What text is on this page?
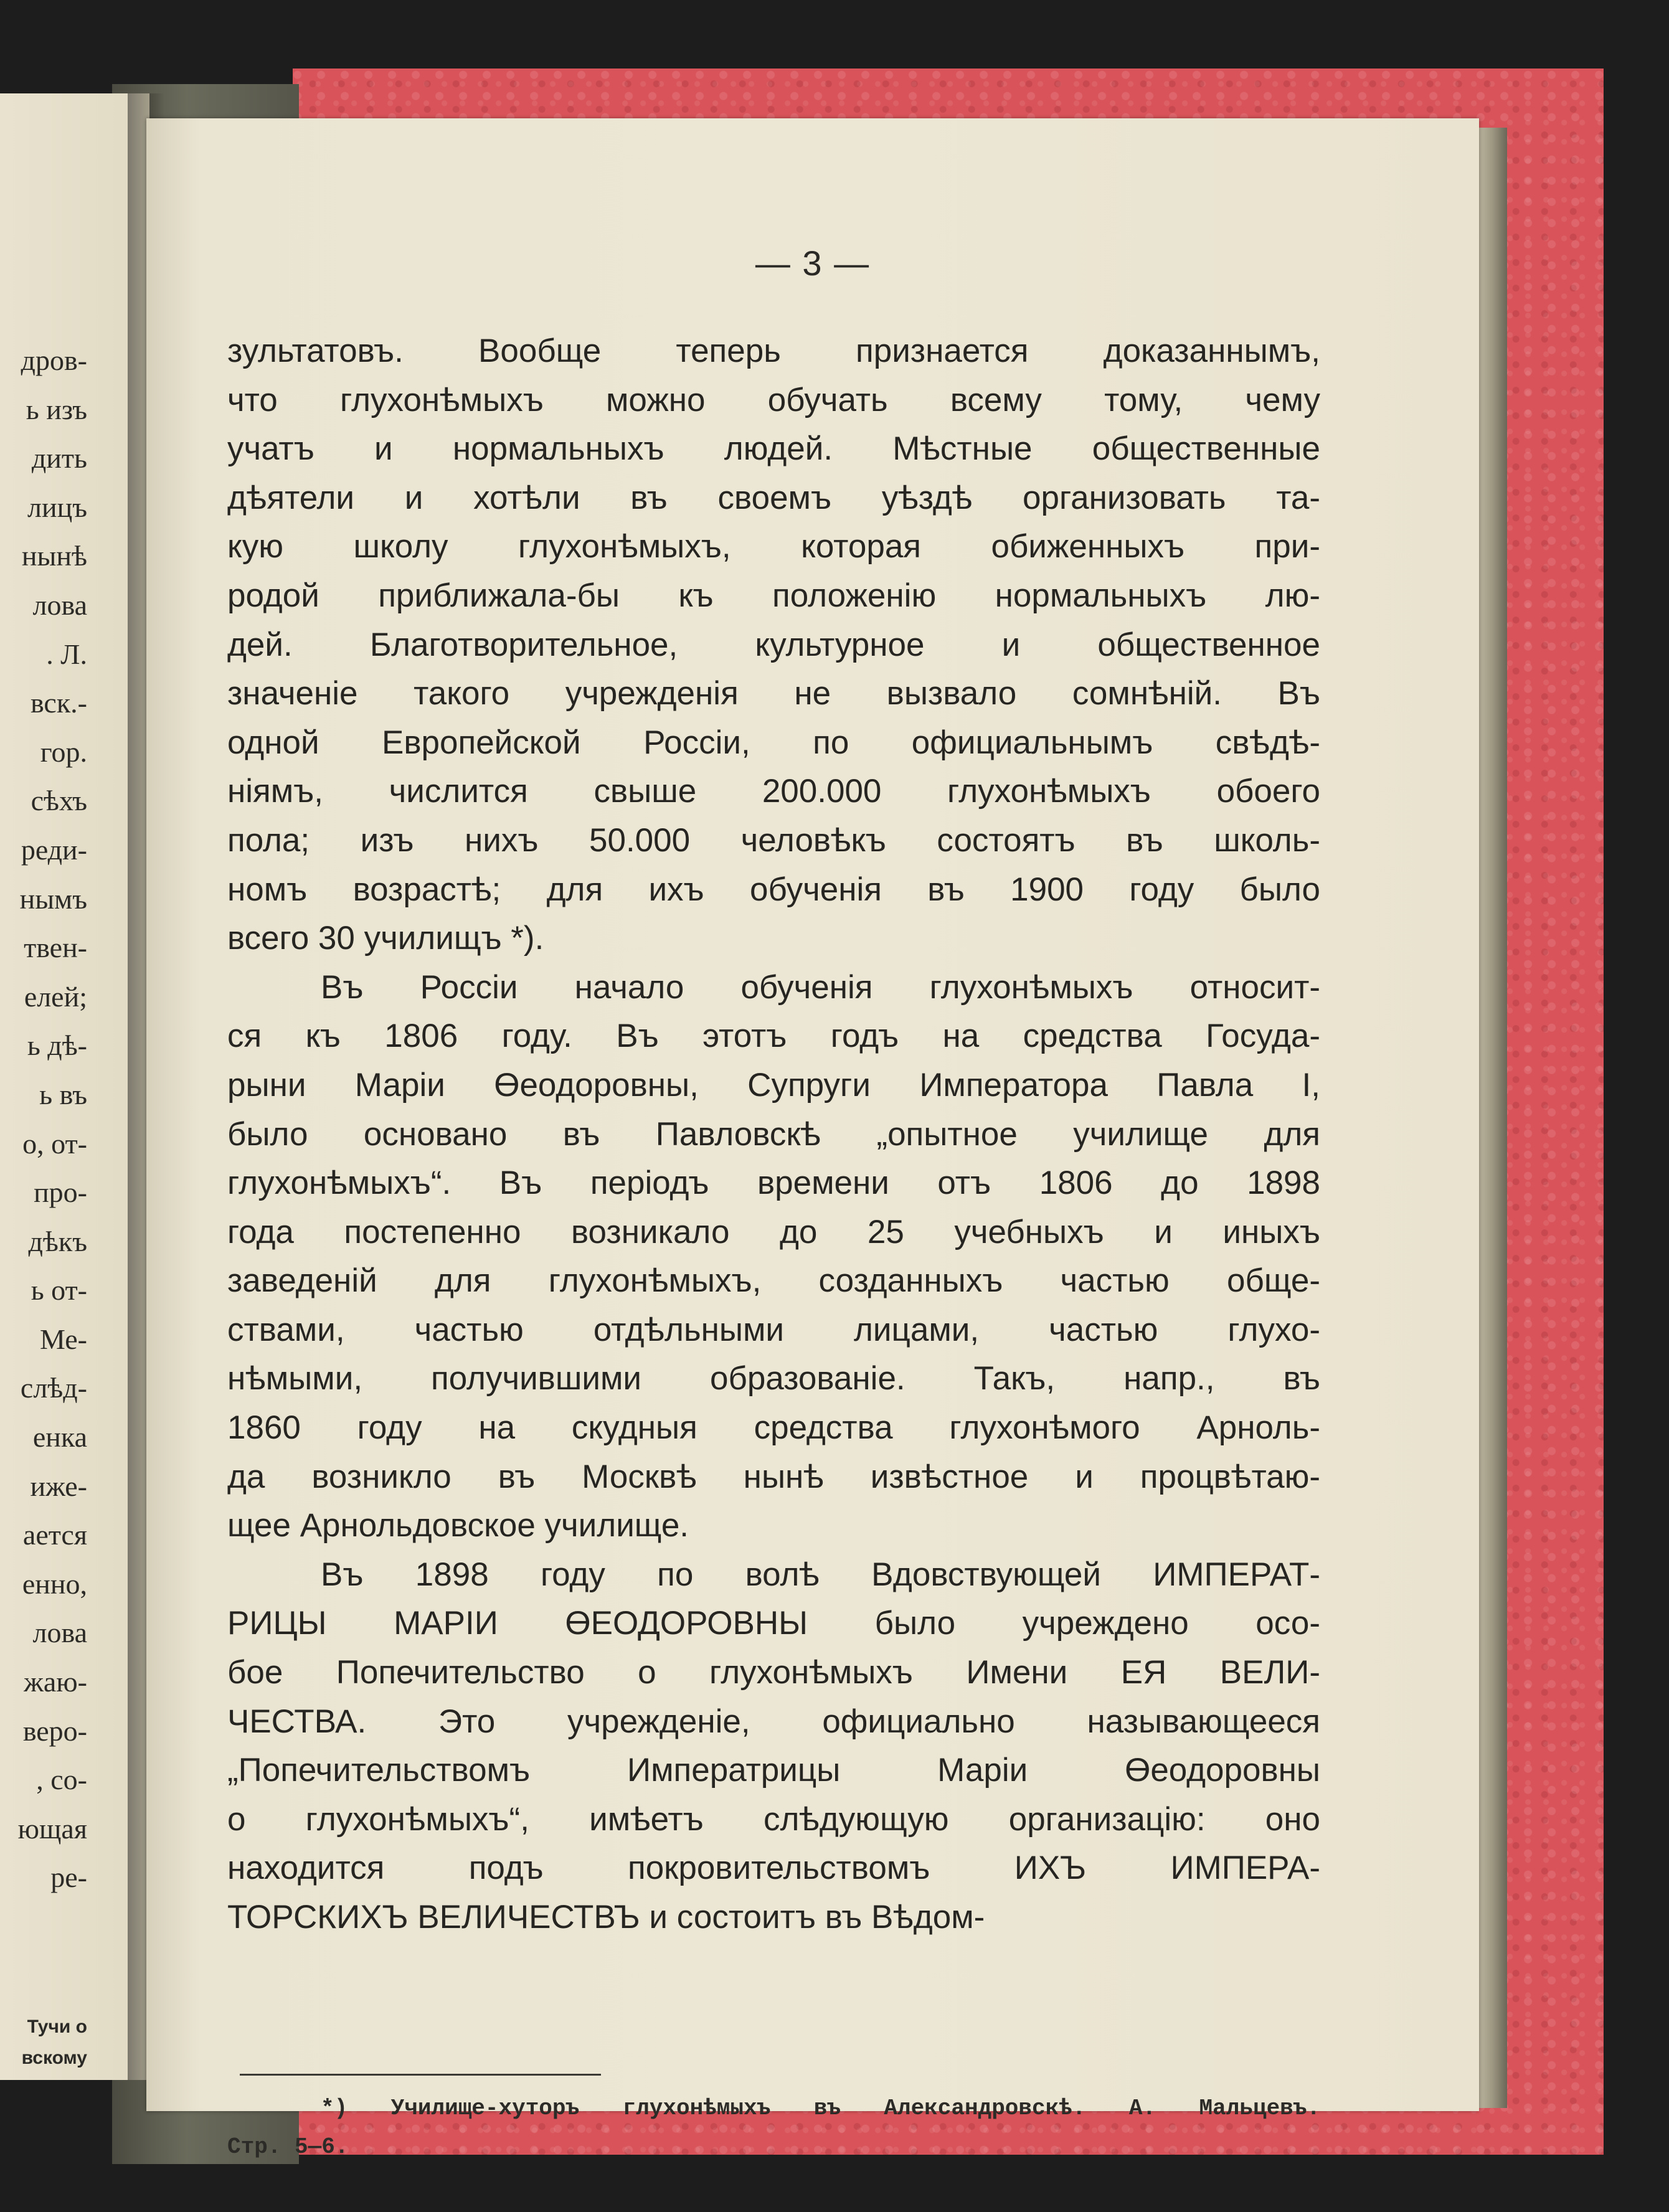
дров-
ь изъ
дить
лицъ
нынѣ
лова
. Л.
вск.-
гор.
сѣхъ
реди-
нымъ
твен-
елей;
ь дѣ-
ь въ
о, от-
про-
дѣкъ
ь от-
Ме-
слѣд-
енка
иже-
ается
енно,
лова
жаю-
веро-
, со-
ющая
ре-
Тучи о
вскому
— 3 —
зультатовъ. Вообще теперь признается доказаннымъ,
что глухонѣмыхъ можно обучать всему тому, чему
учатъ и нормальныхъ людей. Мѣстные общественные
дѣятели и хотѣли въ своемъ уѣздѣ организовать та-
кую школу глухонѣмыхъ, которая обиженныхъ при-
родой приближала-бы къ положенію нормальныхъ лю-
дей. Благотворительное, культурное и общественное
значеніе такого учрежденія не вызвало сомнѣній. Въ
одной Европейской Россіи, по официальнымъ свѣдѣ-
ніямъ, числится свыше 200.000 глухонѣмыхъ обоего
пола; изъ нихъ 50.000 человѣкъ состоятъ въ школь-
номъ возрастѣ; для ихъ обученія въ 1900 году было
всего 30 училищъ *).
Въ Россіи начало обученія глухонѣмыхъ относит-
ся къ 1806 году. Въ этотъ годъ на средства Госуда-
рыни Маріи Өеодоровны, Супруги Императора Павла I,
было основано въ Павловскѣ „опытное училище для
глухонѣмыхъ“. Въ періодъ времени отъ 1806 до 1898
года постепенно возникало до 25 учебныхъ и иныхъ
заведеній для глухонѣмыхъ, созданныхъ частью обще-
ствами, частью отдѣльными лицами, частью глухо-
нѣмыми, получившими образованіе. Такъ, напр., въ
1860 году на скудныя средства глухонѣмого Арноль-
да возникло въ Москвѣ нынѣ извѣстное и процвѣтаю-
щее Арнольдовское училище.
Въ 1898 году по волѣ Вдовствующей ИМПЕРАТ-
РИЦЫ МАРІИ ӨЕОДОРОВНЫ было учреждено осо-
бое Попечительство о глухонѣмыхъ Имени ЕЯ ВЕЛИ-
ЧЕСТВА. Это учрежденіе, официально называющееся
„Попечительствомъ Императрицы Маріи Өеодоровны
о глухонѣмыхъ“, имѣетъ слѣдующую организацію: оно
находится подъ покровительствомъ ИХЪ ИМПЕРА-
ТОРСКИХЪ ВЕЛИЧЕСТВЪ и состоитъ въ Вѣдом-
*) Училище-хуторъ глухонѣмыхъ въ Александровскѣ. А. Мальцевъ.
Стр. 5—6.
